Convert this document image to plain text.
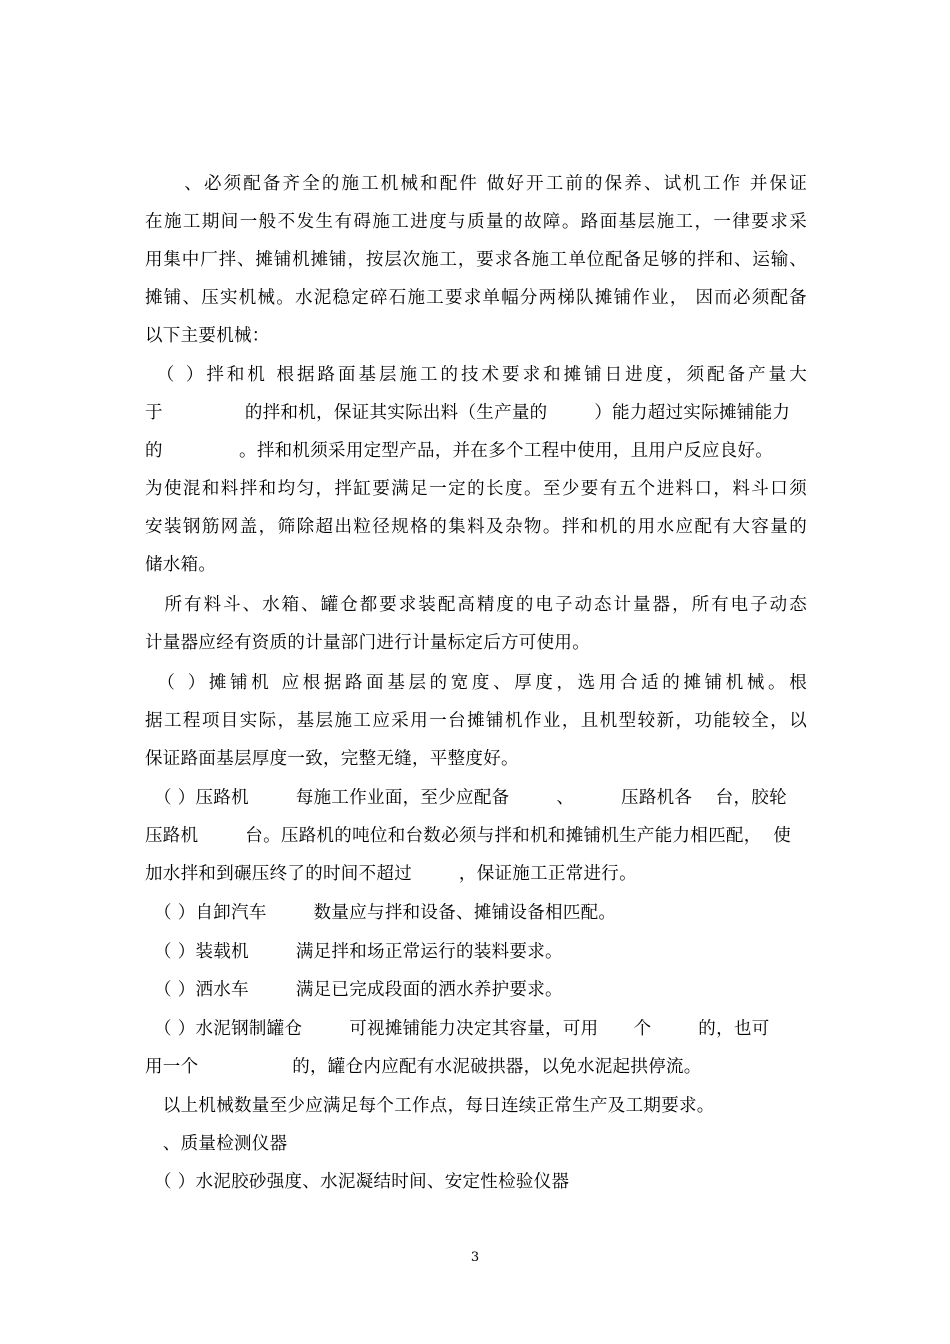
　　、必须配备齐全的施工机械和配件 做好开工前的保养、试机工作 并保证
在施工期间一般不发生有碍施工进度与质量的故障。路面基层施工，一律要求采
用集中厂拌、摊铺机摊铺，按层次施工，要求各施工单位配备足够的拌和、运输、
摊铺、压实机械。水泥稳定碎石施工要求单幅分两梯队摊铺作业， 因而必须配备
以下主要机械：
　（ ）拌和机 根据路面基层施工的技术要求和摊铺日进度，须配备产量大
于              的拌和机，保证其实际出料（生产量的        ）能力超过实际摊铺能力
的             。拌和机须采用定型产品，并在多个工程中使用，且用户反应良好。
为使混和料拌和均匀，拌缸要满足一定的长度。至少要有五个进料口，料斗口须
安装钢筋网盖，筛除超出粒径规格的集料及杂物。拌和机的用水应配有大容量的
储水箱。
　所有料斗、水箱、罐仓都要求装配高精度的电子动态计量器，所有电子动态
计量器应经有资质的计量部门进行计量标定后方可使用。
　（ ）摊铺机 应根据路面基层的宽度、厚度，选用合适的摊铺机械。根
据工程项目实际，基层施工应采用一台摊铺机作业，且机型较新，功能较全，以
保证路面基层厚度一致，完整无缝，平整度好。
　（ ）压路机        每施工作业面，至少应配备        、        压路机各    台，胶轮
压路机        台。压路机的吨位和台数必须与拌和机和摊铺机生产能力相匹配，  使
加水拌和到碾压终了的时间不超过        ，保证施工正常进行。
　（ ）自卸汽车        数量应与拌和设备、摊铺设备相匹配。
　（ ）装载机        满足拌和场正常运行的装料要求。
　（ ）洒水车        满足已完成段面的洒水养护要求。
　（ ）水泥钢制罐仓        可视摊铺能力决定其容量，可用      个        的，也可
用一个                的，罐仓内应配有水泥破拱器，以免水泥起拱停流。
　以上机械数量至少应满足每个工作点，每日连续正常生产及工期要求。
　、质量检测仪器
　（ ）水泥胶砂强度、水泥凝结时间、安定性检验仪器
3
